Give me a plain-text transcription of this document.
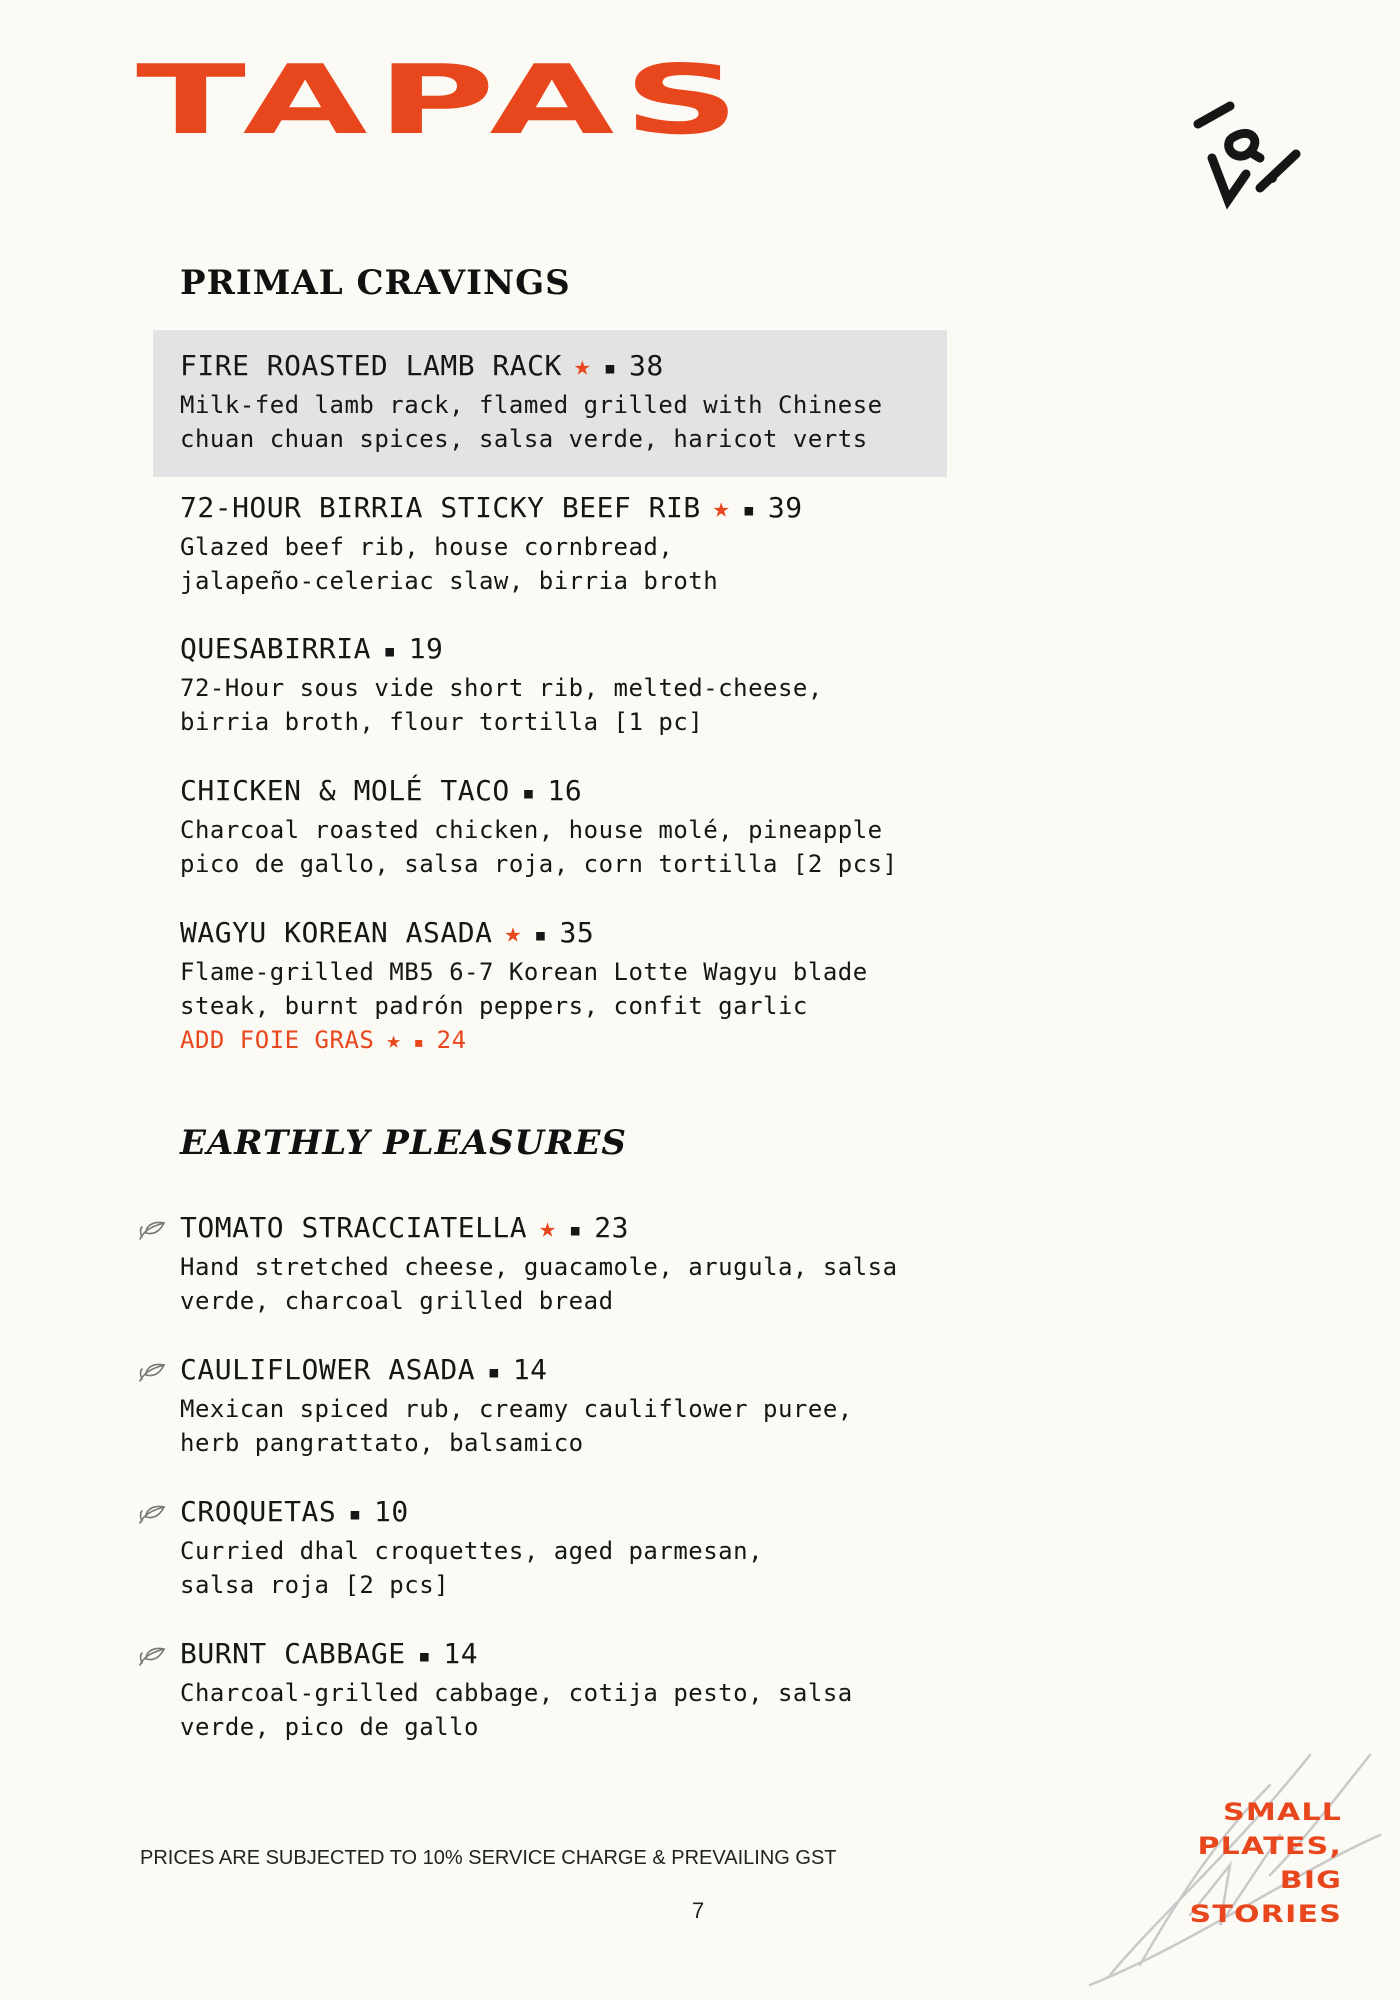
TAPAS
PRIMAL CRAVINGS
FIRE ROASTED LAMB RACK ★ ▪ 38
Milk-fed lamb rack, flamed grilled with Chinese
chuan chuan spices, salsa verde, haricot verts
72-HOUR BIRRIA STICKY BEEF RIB ★ ▪ 39
Glazed beef rib, house cornbread,
jalapeño-celeriac slaw, birria broth
QUESABIRRIA ▪ 19
72-Hour sous vide short rib, melted-cheese,
birria broth, flour tortilla [1 pc]
CHICKEN & MOLÉ TACO ▪ 16
Charcoal roasted chicken, house molé, pineapple
pico de gallo, salsa roja, corn tortilla [2 pcs]
WAGYU KOREAN ASADA ★ ▪ 35
Flame-grilled MB5 6-7 Korean Lotte Wagyu blade
steak, burnt padrón peppers, confit garlic
ADD FOIE GRAS ★ ▪ 24
EARTHLY PLEASURES
TOMATO STRACCIATELLA ★ ▪ 23
Hand stretched cheese, guacamole, arugula, salsa
verde, charcoal grilled bread
CAULIFLOWER ASADA ▪ 14
Mexican spiced rub, creamy cauliflower puree,
herb pangrattato, balsamico
CROQUETAS ▪ 10
Curried dhal croquettes, aged parmesan,
salsa roja [2 pcs]
BURNT CABBAGE ▪ 14
Charcoal-grilled cabbage, cotija pesto, salsa
verde, pico de gallo
SMALL
PLATES,
BIG
STORIES
PRICES ARE SUBJECTED TO 10% SERVICE CHARGE & PREVAILING GST
7
